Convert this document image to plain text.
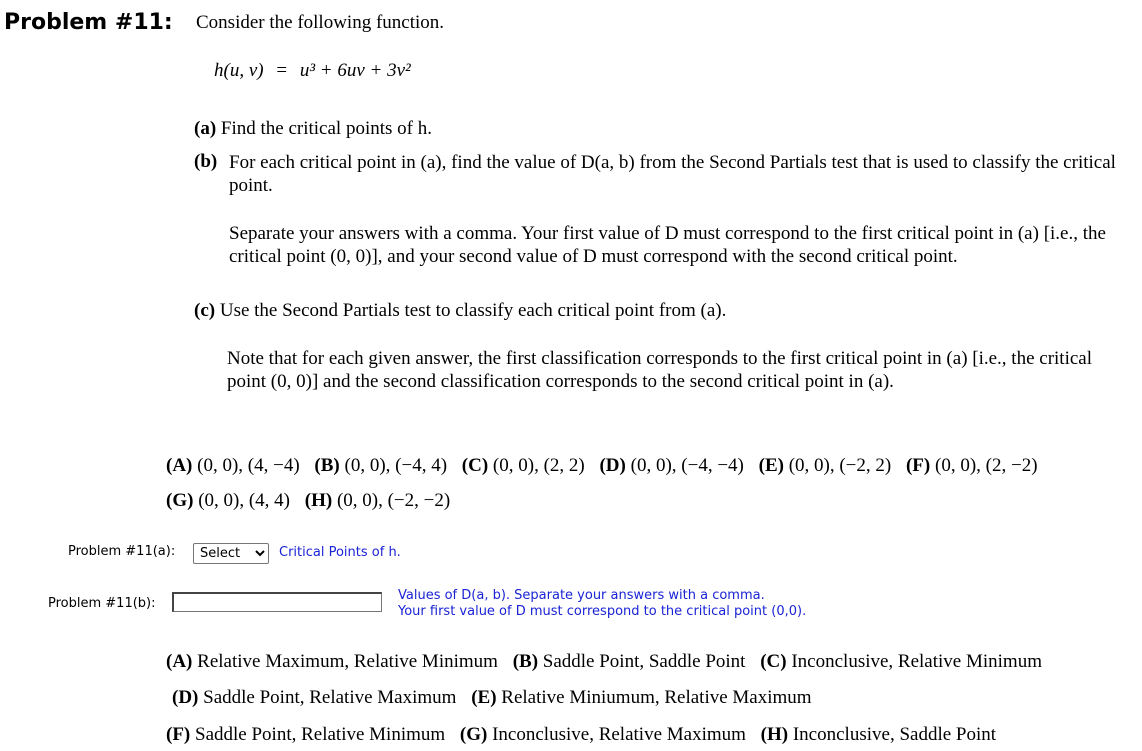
Problem #11: Consider the following function.
h(u, v) = u³ + 6uv + 3v²
(a) Find the critical points of h.
(b) For each critical point in (a), find the value of D(a, b) from the Second Partials test that is used to classify the critical point.
Separate your answers with a comma. Your first value of D must correspond to the first critical point in (a) [i.e., the critical point (0, 0)], and your second value of D must correspond with the second critical point.
(c) Use the Second Partials test to classify each critical point from (a).
Note that for each given answer, the first classification corresponds to the first critical point in (a) [i.e., the critical point (0, 0)] and the second classification corresponds to the second critical point in (a).
(A) (0, 0), (4, −4) (B) (0, 0), (−4, 4) (C) (0, 0), (2, 2) (D) (0, 0), (−4, −4) (E) (0, 0), (−2, 2) (F) (0, 0), (2, −2)
(G) (0, 0), (4, 4) (H) (0, 0), (−2, −2)
Problem #11(a):
Select	Critical Points of h.
Problem #11(b):
Values of D(a, b). Separate your answers with a comma.
Your first value of D must correspond to the critical point (0,0).
(A) Relative Maximum, Relative Minimum (B) Saddle Point, Saddle Point (C) Inconclusive, Relative Minimum
(D) Saddle Point, Relative Maximum (E) Relative Miniumum, Relative Maximum
(F) Saddle Point, Relative Minimum (G) Inconclusive, Relative Maximum (H) Inconclusive, Saddle Point
